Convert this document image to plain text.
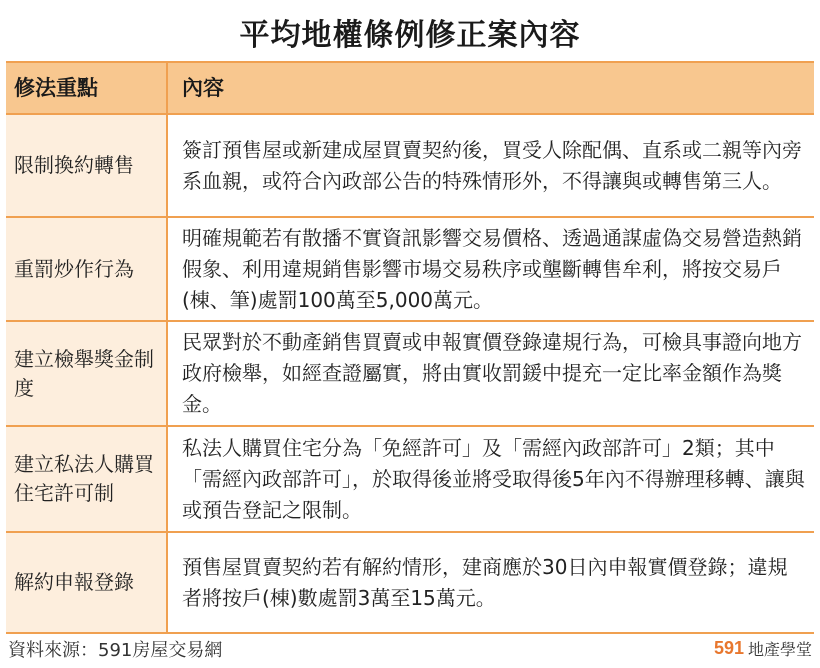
平均地權條例修正案內容
修法重點	內容
限制換約轉售
簽訂預售屋或新建成屋買賣契約後，買受人除配偶、直系或二親等內旁系血親，或符合內政部公告的特殊情形外，不得讓與或轉售第三人。
重罰炒作行為
明確規範若有散播不實資訊影響交易價格、透過通謀虛偽交易營造熱銷假象、利用違規銷售影響市場交易秩序或壟斷轉售牟利，將按交易戶(棟、筆)處罰100萬至5,000萬元。
建立檢舉獎金制度
民眾對於不動產銷售買賣或申報實價登錄違規行為，可檢具事證向地方政府檢舉，如經查證屬實，將由實收罰鍰中提充一定比率金額作為獎金。
建立私法人購買住宅許可制
私法人購買住宅分為「免經許可」及「需經內政部許可」2類；其中「需經內政部許可」，於取得後並將受取得後5年內不得辦理移轉、讓與或預告登記之限制。
解約申報登錄
預售屋買賣契約若有解約情形，建商應於30日內申報實價登錄；違規者將按戶(棟)數處罰3萬至15萬元。
資料來源：591房屋交易網	591 地產學堂
